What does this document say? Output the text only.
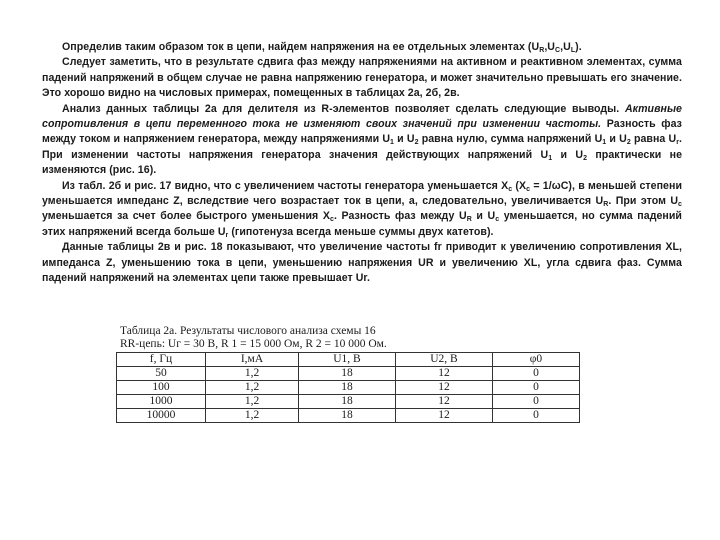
Определив таким образом ток в цепи, найдем напряжения на ее отдельных элементах $(U_R,U_C,U_L)$.

Следует заметить, что в результате сдвига фаз между напряжениями на активном и реактивном элементах, сумма падений напряжений в общем случае не равна напряжению генератора, и может значительно превышать его значение. Это хорошо видно на числовых примерах, помещенных в таблицах 2а, 2б, 2в.

Анализ данных таблицы 2а для делителя из R-элементов позволяет сделать следующие выводы. Активные сопротивления в цепи переменного тока не изменяют своих значений при изменении частоты. Разность фаз между током и напряжением генератора, между напряжениями $U_1$ и $U_2$ равна нулю, сумма напряжений $U_1$ и $U_2$ равна $U_r$. При изменении частоты напряжения генератора значения действующих напряжений $U_1$ и $U_2$ практически не изменяются (рис. 16).

Из табл. 2б и рис. 17 видно, что с увеличением частоты генератора уменьшается $X_c$ $(X_c = 1/\omega C)$, в меньшей степени уменьшается импеданс Z, вследствие чего возрастает ток в цепи, а, следовательно, увеличивается $U_R$. При этом $U_c$ уменьшается за счет более быстрого уменьшения $X_c$. Разность фаз между $U_R$ и $U_c$ уменьшается, но сумма падений этих напряжений всегда больше $U_r$ (гипотенуза всегда меньше суммы двух катетов).

Данные таблицы 2в и рис. 18 показывают, что увеличение частоты fr приводит к увеличению сопротивления XL, импеданса Z, уменьшению тока в цепи, уменьшению напряжения UR и увеличению XL, угла сдвига фаз. Сумма падений напряжений на элементах цепи также превышает Ur.

Таблица 2а. Результаты числового анализа схемы 16
RR-цепь: Uг = 30 B, R 1 = 15 000 Ом, R 2 = 10 000 Ом.
f, Гц	I,мА	U1, B	U2, B	φ0
50	1,2	18	12	0
100	1,2	18	12	0
1000	1,2	18	12	0
10000	1,2	18	12	0
